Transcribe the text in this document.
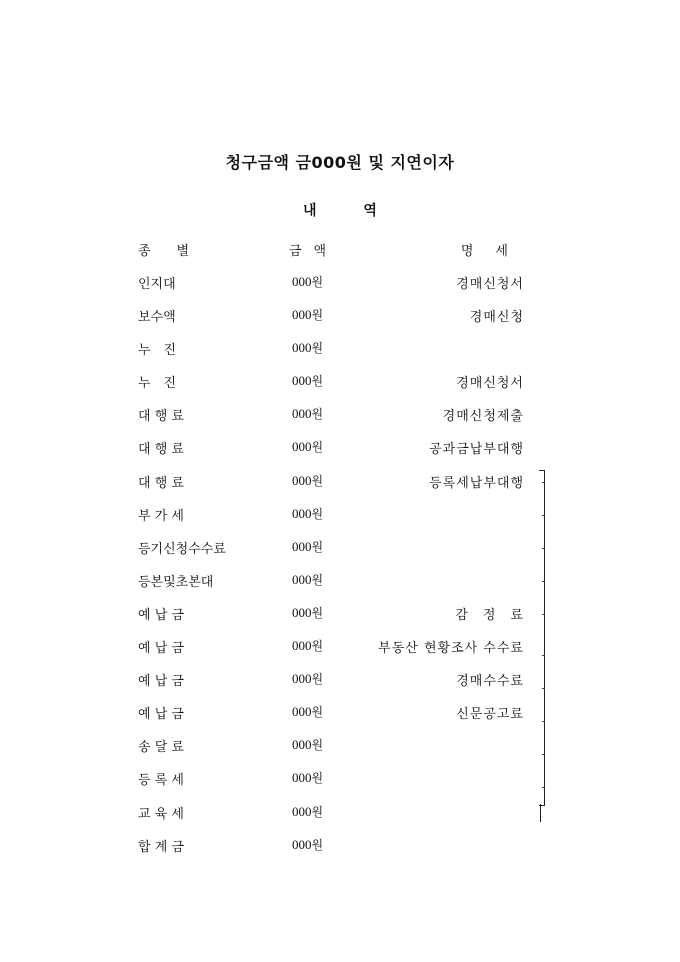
청구금액 금000원 및 지연이자
내 역
종별	금액	명세
인지대	000원	경매신청서
보수액	000원	경매신청
누　진	000원
누　진	000원	경매신청서
대 행 료	000원	경매신청제출
대 행 료	000원	공과금납부대행
대 행 료	000원	등록세납부대행
부 가 세	000원
등기신청수수료	000원
등본및초본대	000원
예 납 금	000원	감　정　료
예 납 금	000원	부동산 현황조사 수수료
예 납 금	000원	경매수수료
예 납 금	000원	신문공고료
송 달 료	000원
등 록 세	000원
교 육 세	000원
합 계 금	000원
